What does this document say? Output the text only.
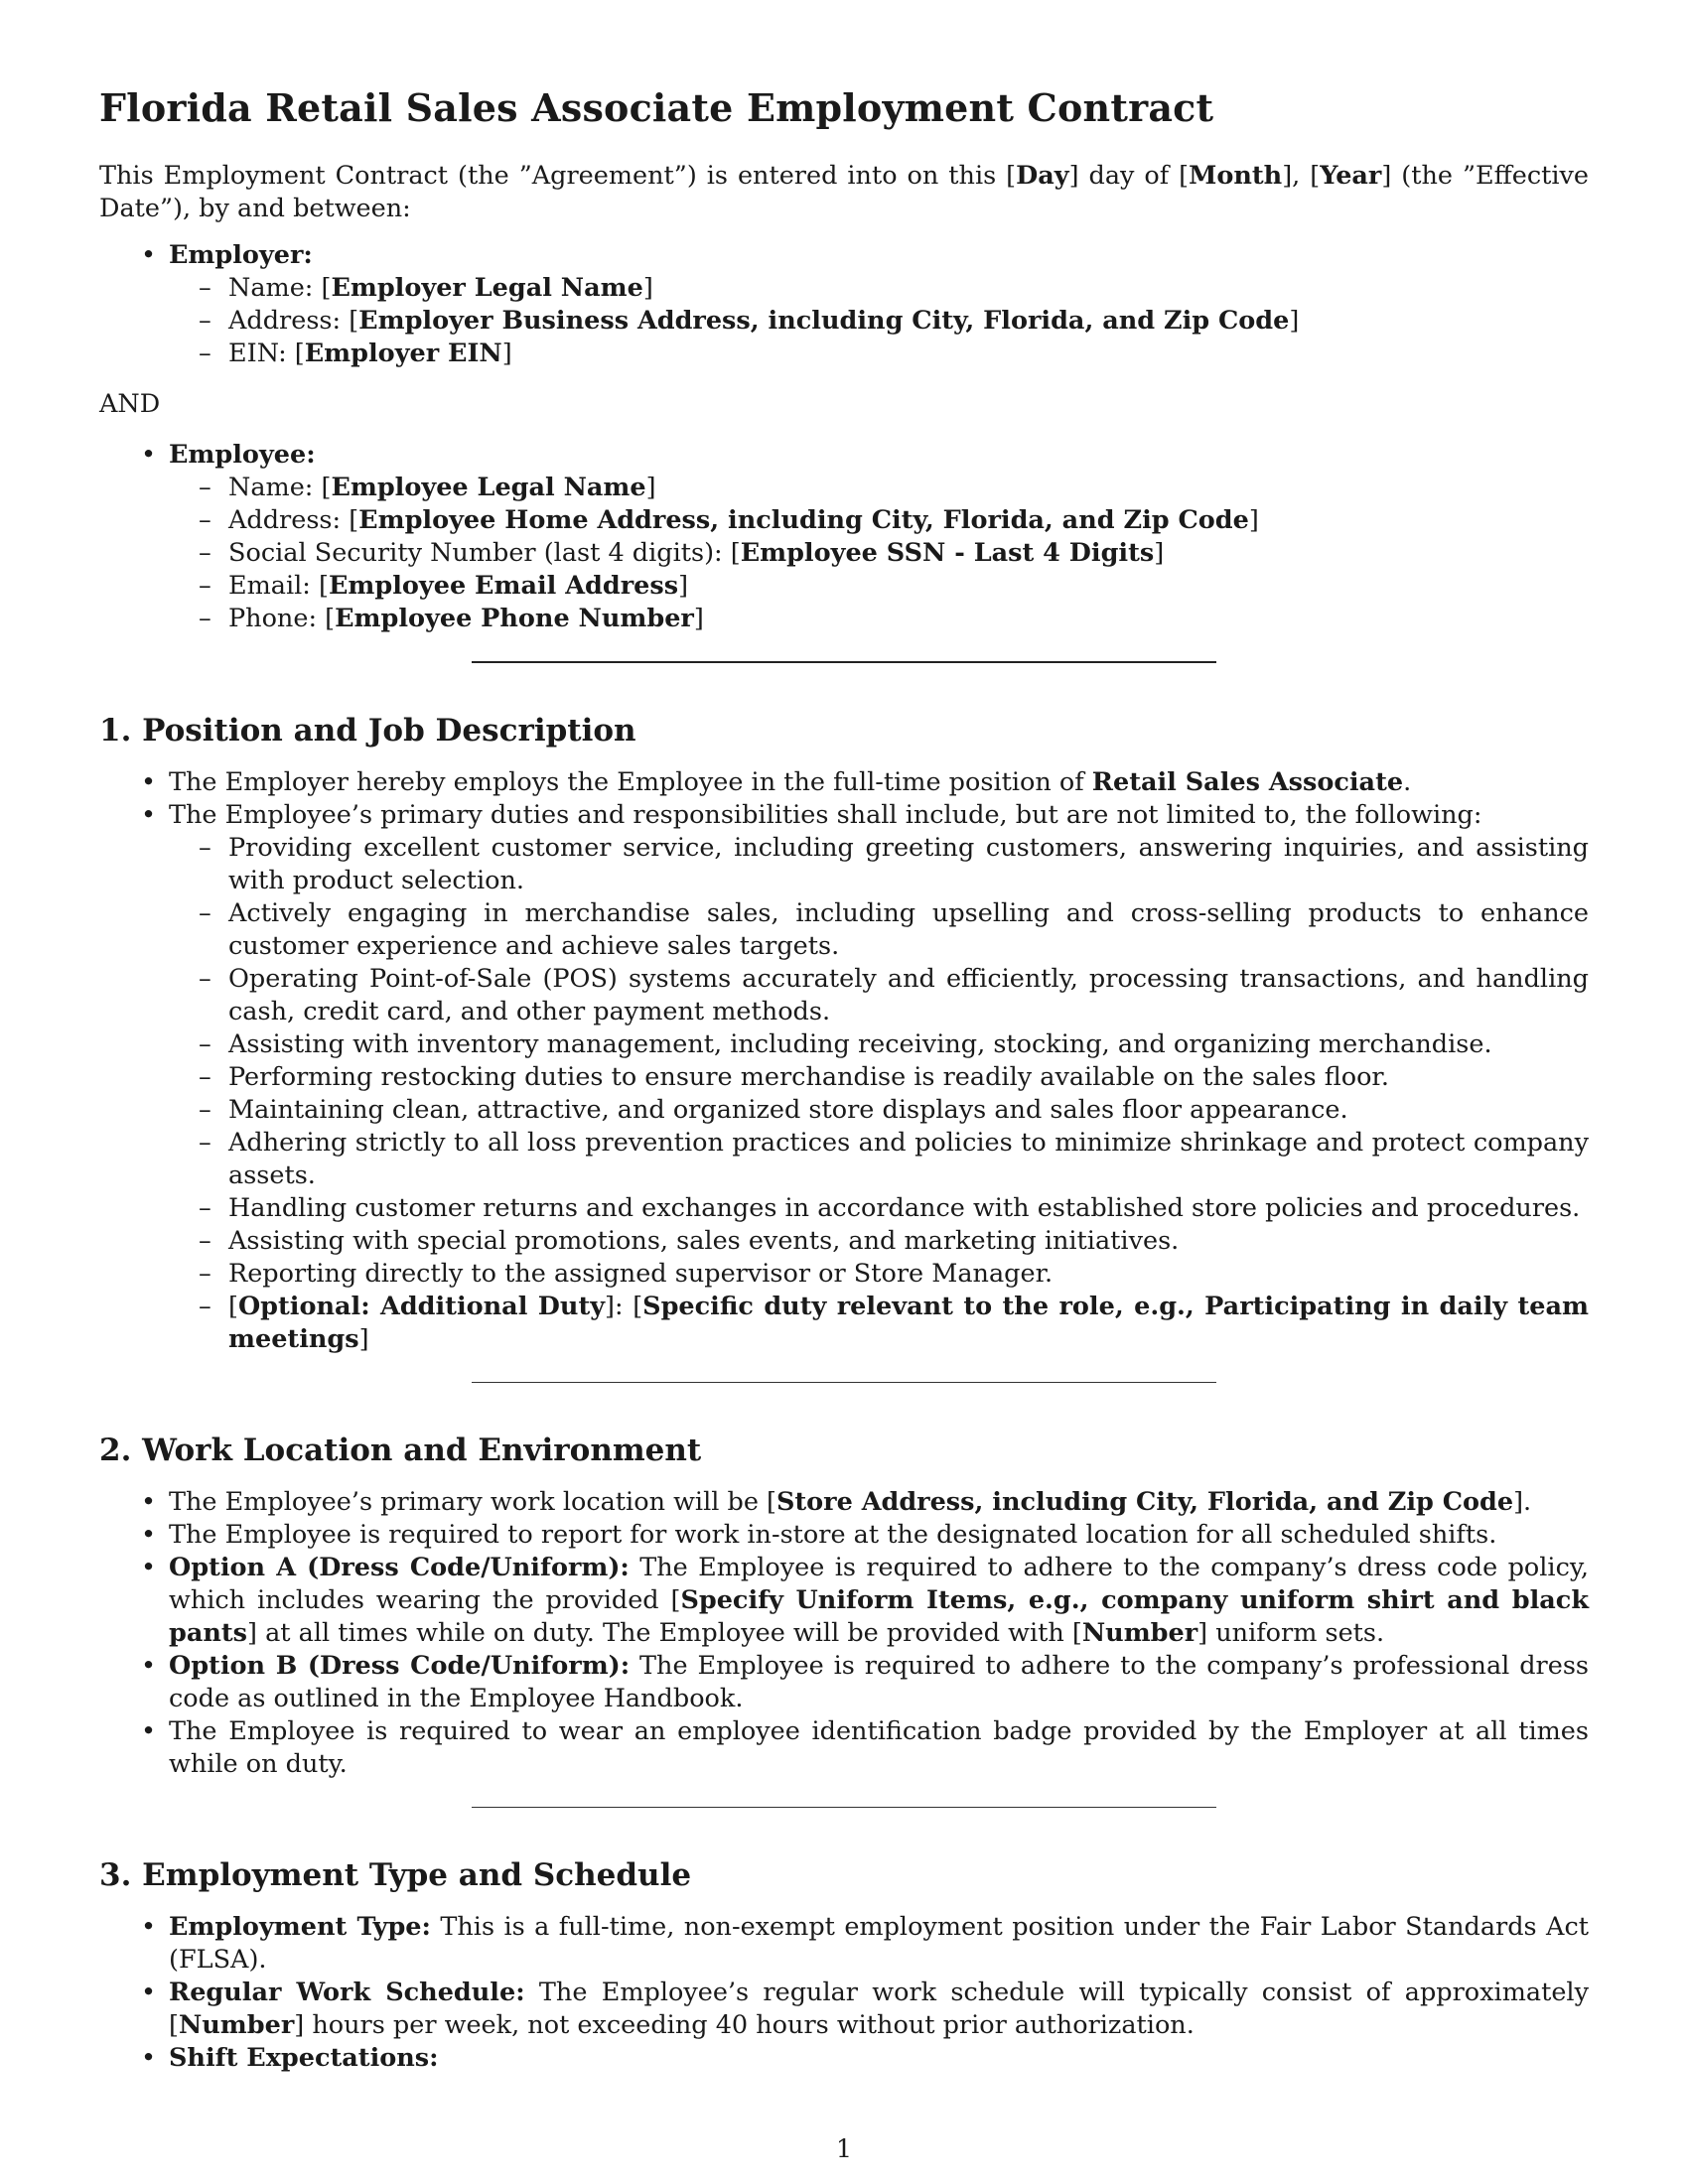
Florida Retail Sales Associate Employment Contract

This Employment Contract (the ”Agreement”) is entered into on this [Day] day of [Month], [Year] (the ”Effective Date”), by and between:

• Employer:
– Name: [Employer Legal Name]
– Address: [Employer Business Address, including City, Florida, and Zip Code]
– EIN: [Employer EIN]

AND

• Employee:
– Name: [Employee Legal Name]
– Address: [Employee Home Address, including City, Florida, and Zip Code]
– Social Security Number (last 4 digits): [Employee SSN - Last 4 Digits]
– Email: [Employee Email Address]
– Phone: [Employee Phone Number]
1. Position and Job Description
• The Employer hereby employs the Employee in the full-time position of Retail Sales Associate.
• The Employee’s primary duties and responsibilities shall include, but are not limited to, the following:
– Providing excellent customer service, including greeting customers, answering inquiries, and assisting with product selection.
– Actively engaging in merchandise sales, including upselling and cross-selling products to enhance customer experience and achieve sales targets.
– Operating Point-of-Sale (POS) systems accurately and efficiently, processing transactions, and handling cash, credit card, and other payment methods.
– Assisting with inventory management, including receiving, stocking, and organizing merchandise.
– Performing restocking duties to ensure merchandise is readily available on the sales floor.
– Maintaining clean, attractive, and organized store displays and sales floor appearance.
– Adhering strictly to all loss prevention practices and policies to minimize shrinkage and protect company assets.
– Handling customer returns and exchanges in accordance with established store policies and procedures.
– Assisting with special promotions, sales events, and marketing initiatives.
– Reporting directly to the assigned supervisor or Store Manager.
– [Optional: Additional Duty]: [Specific duty relevant to the role, e.g., Participating in daily team meetings]
2. Work Location and Environment
• The Employee’s primary work location will be [Store Address, including City, Florida, and Zip Code].
• The Employee is required to report for work in-store at the designated location for all scheduled shifts.
• Option A (Dress Code/Uniform): The Employee is required to adhere to the company’s dress code policy, which includes wearing the provided [Specify Uniform Items, e.g., company uniform shirt and black pants] at all times while on duty. The Employee will be provided with [Number] uniform sets.
• Option B (Dress Code/Uniform): The Employee is required to adhere to the company’s professional dress code as outlined in the Employee Handbook.
• The Employee is required to wear an employee identification badge provided by the Employer at all times while on duty.
3. Employment Type and Schedule
• Employment Type: This is a full-time, non-exempt employment position under the Fair Labor Standards Act (FLSA).
• Regular Work Schedule: The Employee’s regular work schedule will typically consist of approximately [Number] hours per week, not exceeding 40 hours without prior authorization.
• Shift Expectations:
1
